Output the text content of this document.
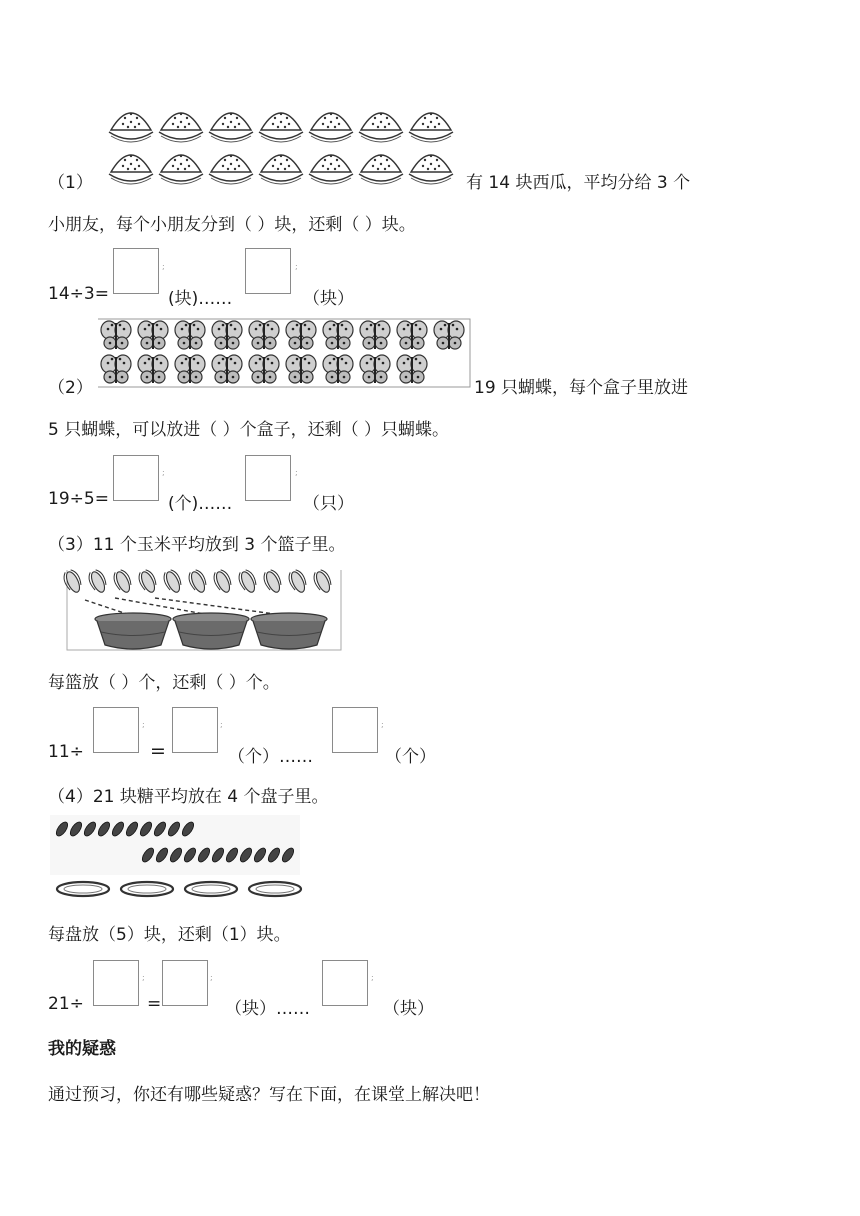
（1）	有 14 块西瓜，平均分给 3 个
小朋友，每个小朋友分到（ ）块，还剩（ ）块。
14÷3=
;
(块)……
;
（块）
（2）	19 只蝴蝶，每个盒子里放进
5 只蝴蝶，可以放进（ ）个盒子，还剩（ ）只蝴蝶。
19÷5=
;
(个)……
;
（只）
（3）11 个玉米平均放到 3 个篮子里。
每篮放（ ）个，还剩（ ）个。
11÷
;
=
;
（个）……
;
（个）
（4）21 块糖平均放在 4 个盘子里。
每盘放（5）块，还剩（1）块。
21÷
;
=
;
（块）……
;
（块）
我的疑惑
通过预习，你还有哪些疑惑？写在下面，在课堂上解决吧！
